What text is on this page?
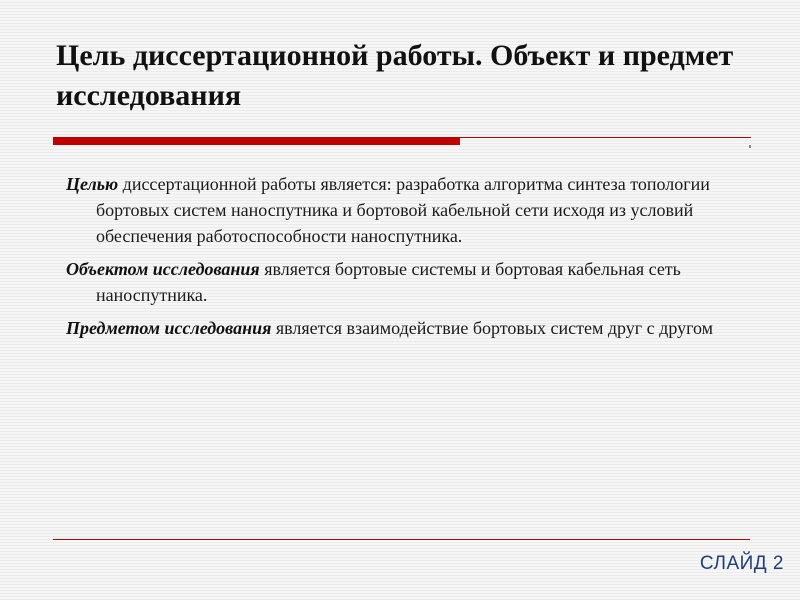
Цель диссертационной работы. Объект и предмет исследования

Целью диссертационной работы является: разработка алгоритма синтеза топологии бортовых систем наноспутника и бортовой кабельной сети исходя из условий обеспечения работоспособности наноспутника.

Объектом исследования является бортовые системы и бортовая кабельная сеть наноспутника.

Предметом исследования является взаимодействие бортовых систем друг с другом

СЛАЙД 2
